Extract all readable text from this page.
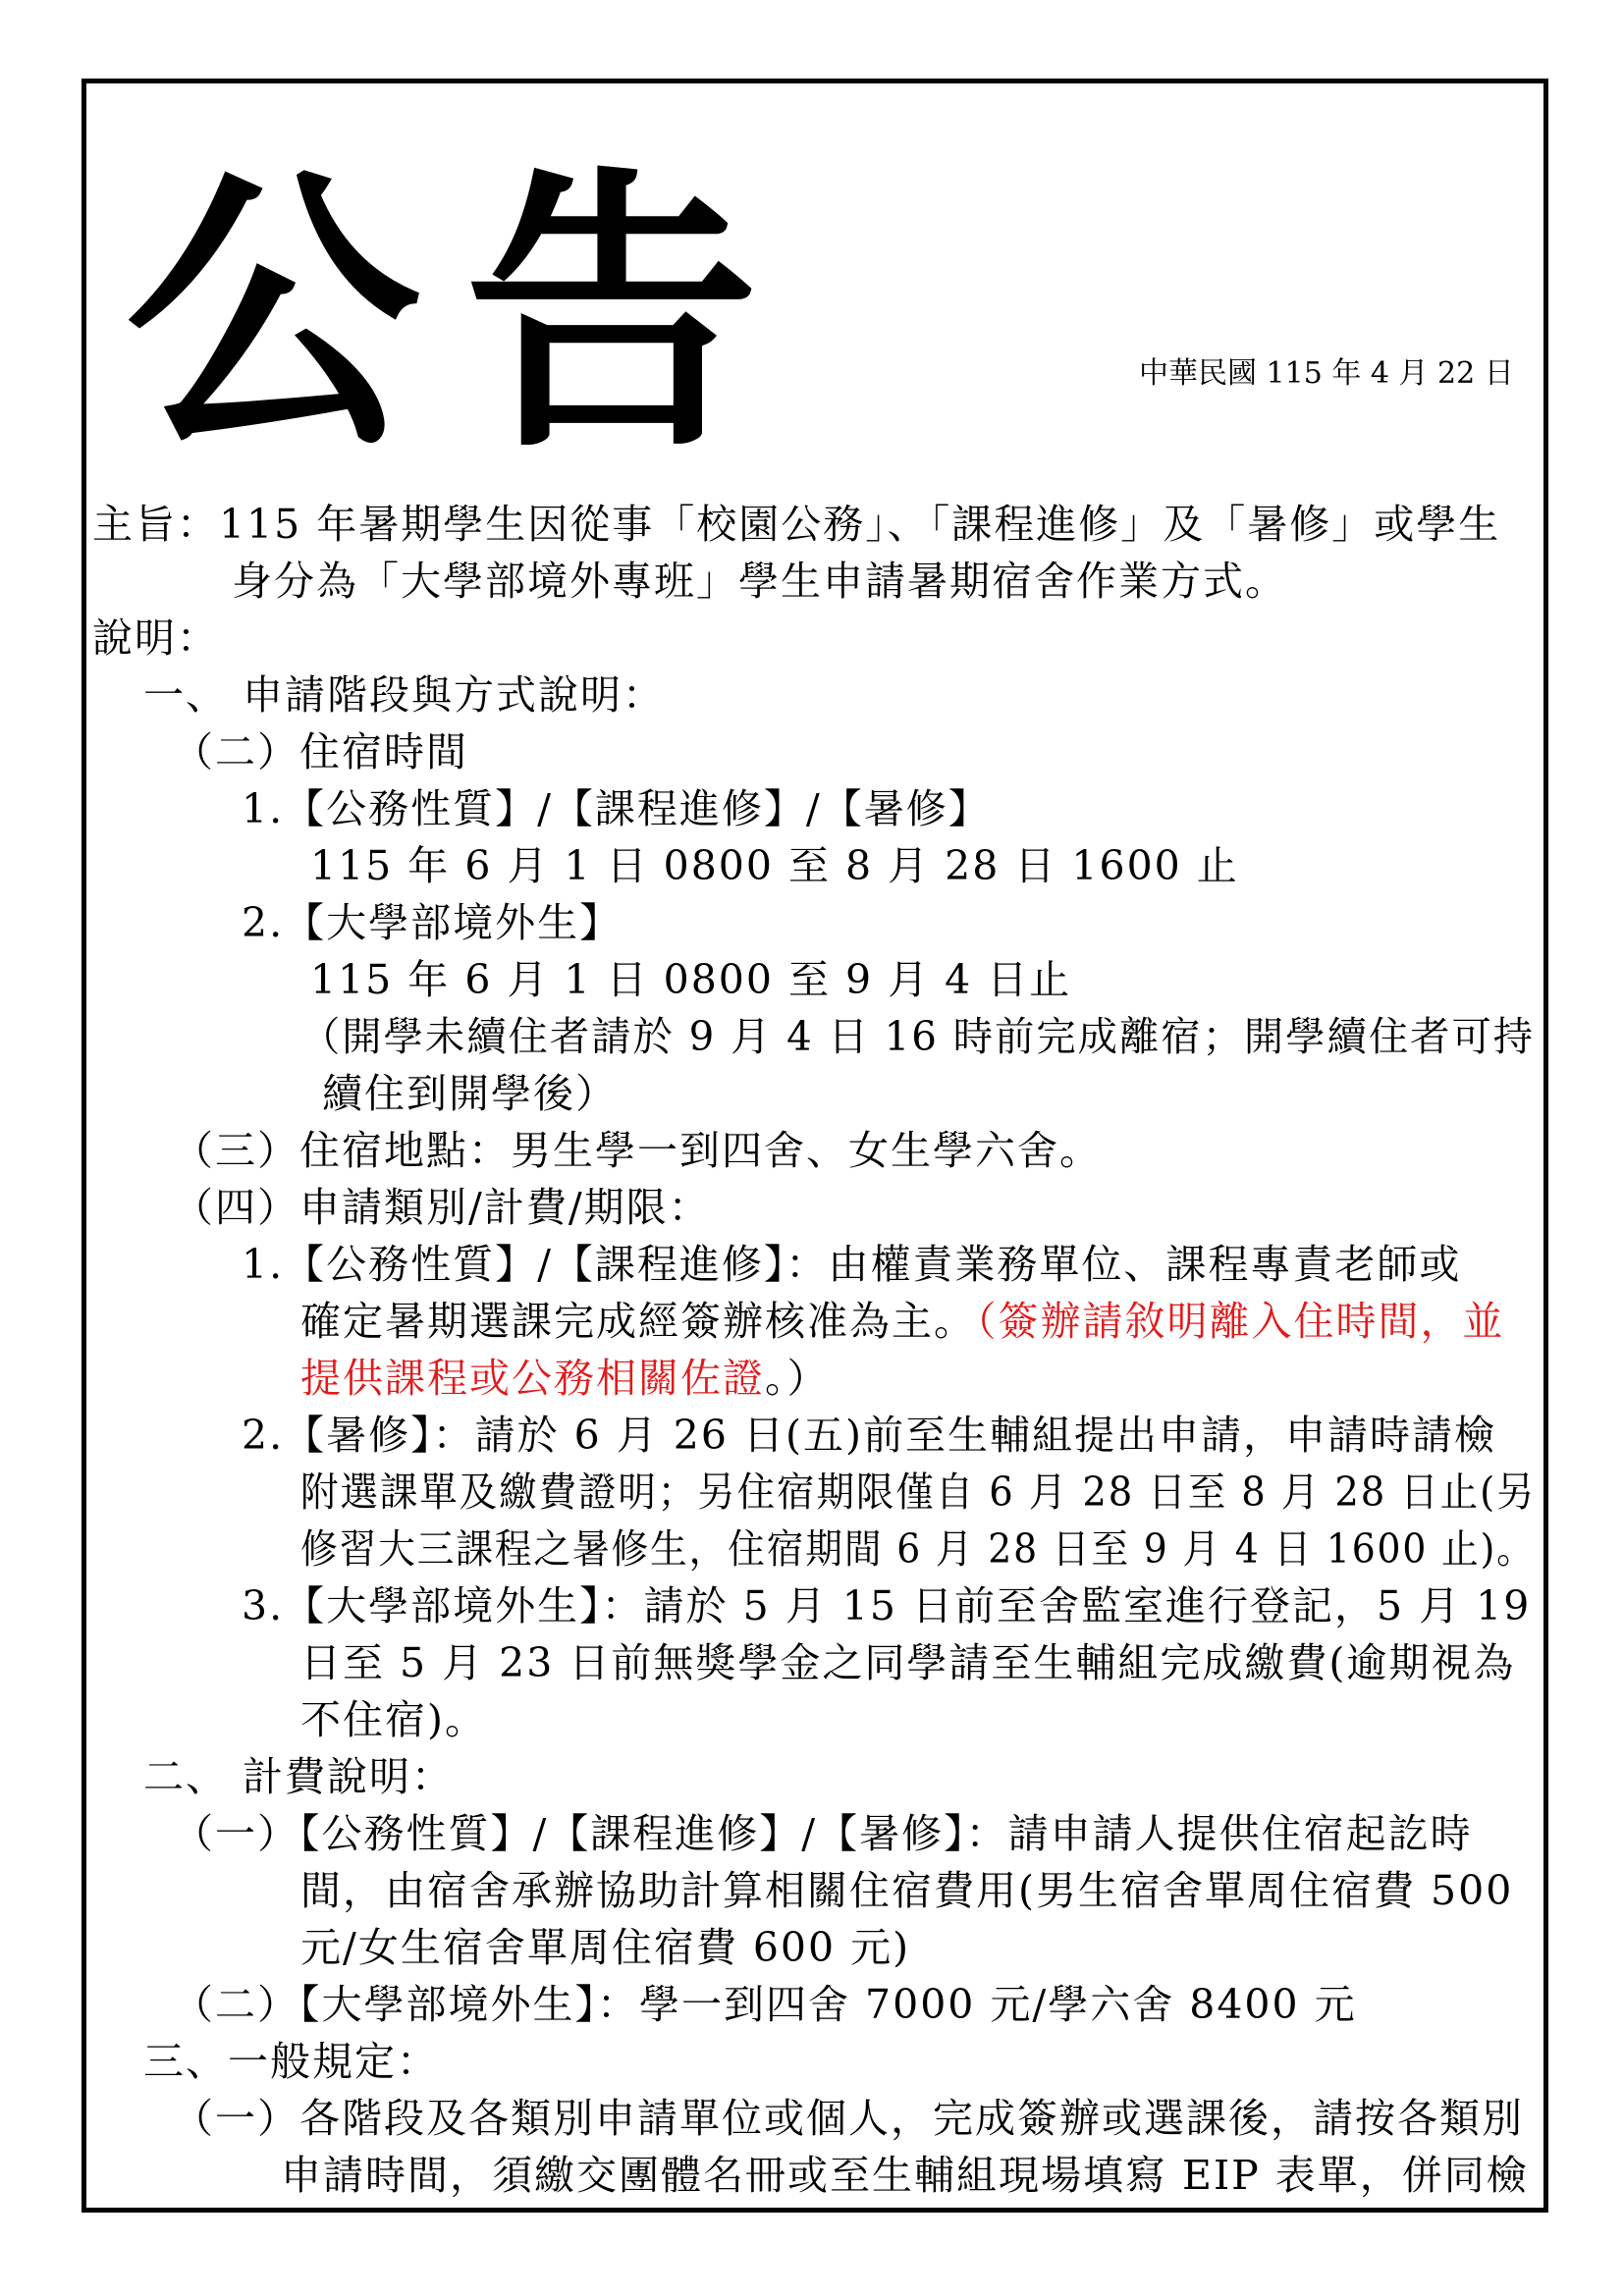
公 告	中華民國 115 年 4 月 22 日
主旨：115 年暑期學生因從事「校園公務」、「課程進修」及「暑修」或學生
身分為「大學部境外專班」學生申請暑期宿舍作業方式。
說明：
一、 申請階段與方式說明：
（二）住宿時間
1.【公務性質】/【課程進修】/【暑修】
115 年 6 月 1 日 0800 至 8 月 28 日 1600 止
2.【大學部境外生】
115 年 6 月 1 日 0800 至 9 月 4 日止
（開學未續住者請於 9 月 4 日 16 時前完成離宿；開學續住者可持
續住到開學後）
（三）住宿地點：男生學一到四舍、女生學六舍。
（四）申請類別/計費/期限：
1.【公務性質】/【課程進修】：由權責業務單位、課程專責老師或
確定暑期選課完成經簽辦核准為主。（簽辦請敘明離入住時間，並
提供課程或公務相關佐證。）
2.【暑修】：請於 6 月 26 日(五)前至生輔組提出申請，申請時請檢
附選課單及繳費證明；另住宿期限僅自 6 月 28 日至 8 月 28 日止(另
修習大三課程之暑修生，住宿期間 6 月 28 日至 9 月 4 日 1600 止)。
3.【大學部境外生】：請於 5 月 15 日前至舍監室進行登記，5 月 19
日至 5 月 23 日前無獎學金之同學請至生輔組完成繳費(逾期視為
不住宿)。
二、 計費說明：
（一）【公務性質】/【課程進修】/【暑修】：請申請人提供住宿起訖時
間，由宿舍承辦協助計算相關住宿費用(男生宿舍單周住宿費 500
元/女生宿舍單周住宿費 600 元)
（二）【大學部境外生】：學一到四舍 7000 元/學六舍 8400 元
三、一般規定：
（一）各階段及各類別申請單位或個人，完成簽辦或選課後，請按各類別
申請時間，須繳交團體名冊或至生輔組現場填寫 EIP 表單，併同檢
